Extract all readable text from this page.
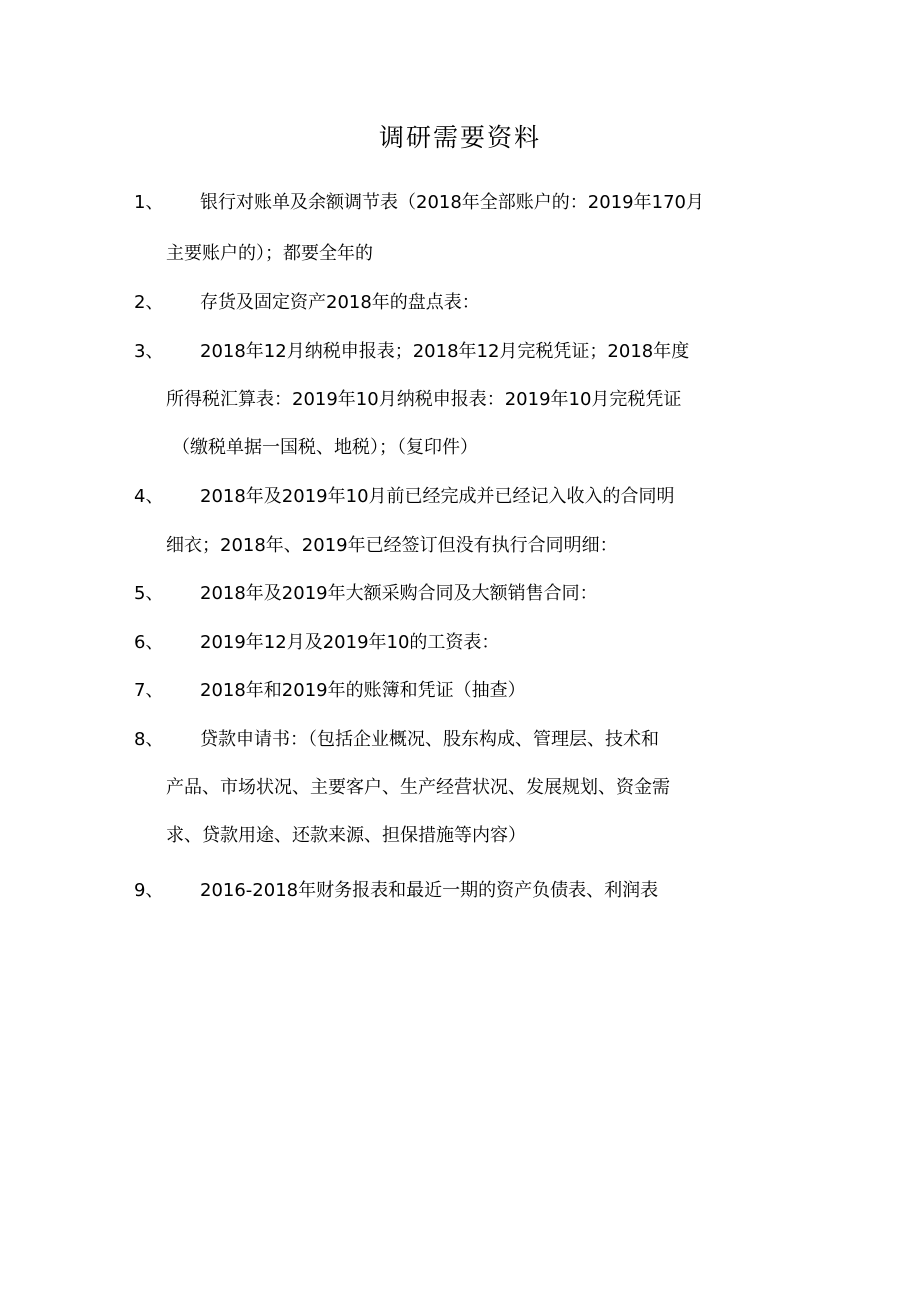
调研需要资料
1、 银行对账单及余额调节表（2018年全部账户的：2019年170月
主要账户的）；都要全年的
2、 存货及固定资产2018年的盘点表：
3、 2018年12月纳税申报表；2018年12月完税凭证；2018年度
所得税汇算表：2019年10月纳税申报表：2019年10月完税凭证
（缴税单据一国税、地税）；（复印件）
4、 2018年及2019年10月前已经完成并已经记入收入的合同明
细衣；2018年、2019年已经签订但没有执行合同明细：
5、 2018年及2019年大额采购合同及大额销售合同：
6、 2019年12月及2019年10的工资表：
7、 2018年和2019年的账簿和凭证（抽查）
8、 贷款申请书：（包括企业概况、股东构成、管理层、技术和
产品、市场状况、主要客户、生产经营状况、发展规划、资金需
求、贷款用途、还款来源、担保措施等内容）
9、 2016-2018年财务报表和最近一期的资产负债表、利润表
